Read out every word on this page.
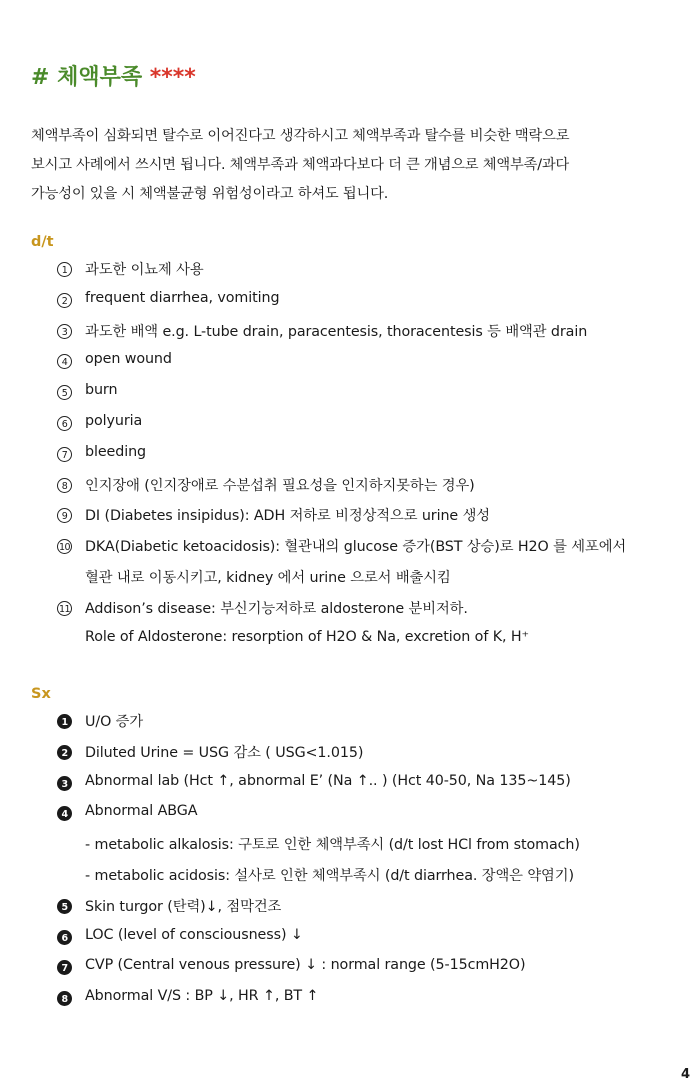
# 체액부족 ****
체액부족이 심화되면 탈수로 이어진다고 생각하시고 체액부족과 탈수를 비슷한 맥락으로
보시고 사례에서 쓰시면 됩니다. 체액부족과 체액과다보다 더 큰 개념으로 체액부족/과다
가능성이 있을 시 체액불균형 위험성이라고 하셔도 됩니다.
d/t
1	과도한 이뇨제 사용
2	frequent diarrhea, vomiting
3	과도한 배액 e.g. L-tube drain, paracentesis, thoracentesis 등 배액관 drain
4	open wound
5	burn
6	polyuria
7	bleeding
8	인지장애 (인지장애로 수분섭취 필요성을 인지하지못하는 경우)
9	DI (Diabetes insipidus): ADH 저하로 비정상적으로 urine 생성
10 DKA(Diabetic ketoacidosis): 혈관내의 glucose 증가(BST 상승)로 H2O 를 세포에서
혈관 내로 이동시키고, kidney 에서 urine 으로서 배출시킴
11 Addison’s disease: 부신기능저하로 aldosterone 분비저하.
Role of Aldosterone: resorption of H2O & Na, excretion of K, H⁺
Sx
1	U/O 증가
2	Diluted Urine = USG 감소 ( USG<1.015)
3	Abnormal lab (Hct ↑, abnormal E’ (Na ↑.. ) (Hct 40-50, Na 135~145)
4	Abnormal ABGA
- metabolic alkalosis: 구토로 인한 체액부족시 (d/t lost HCl from stomach)
- metabolic acidosis: 설사로 인한 체액부족시 (d/t diarrhea. 장액은 약염기)
5	Skin turgor (탄력)↓, 점막건조
6	LOC (level of consciousness) ↓
7	CVP (Central venous pressure) ↓ : normal range (5-15cmH2O)
8	Abnormal V/S : BP ↓, HR ↑, BT ↑
4
